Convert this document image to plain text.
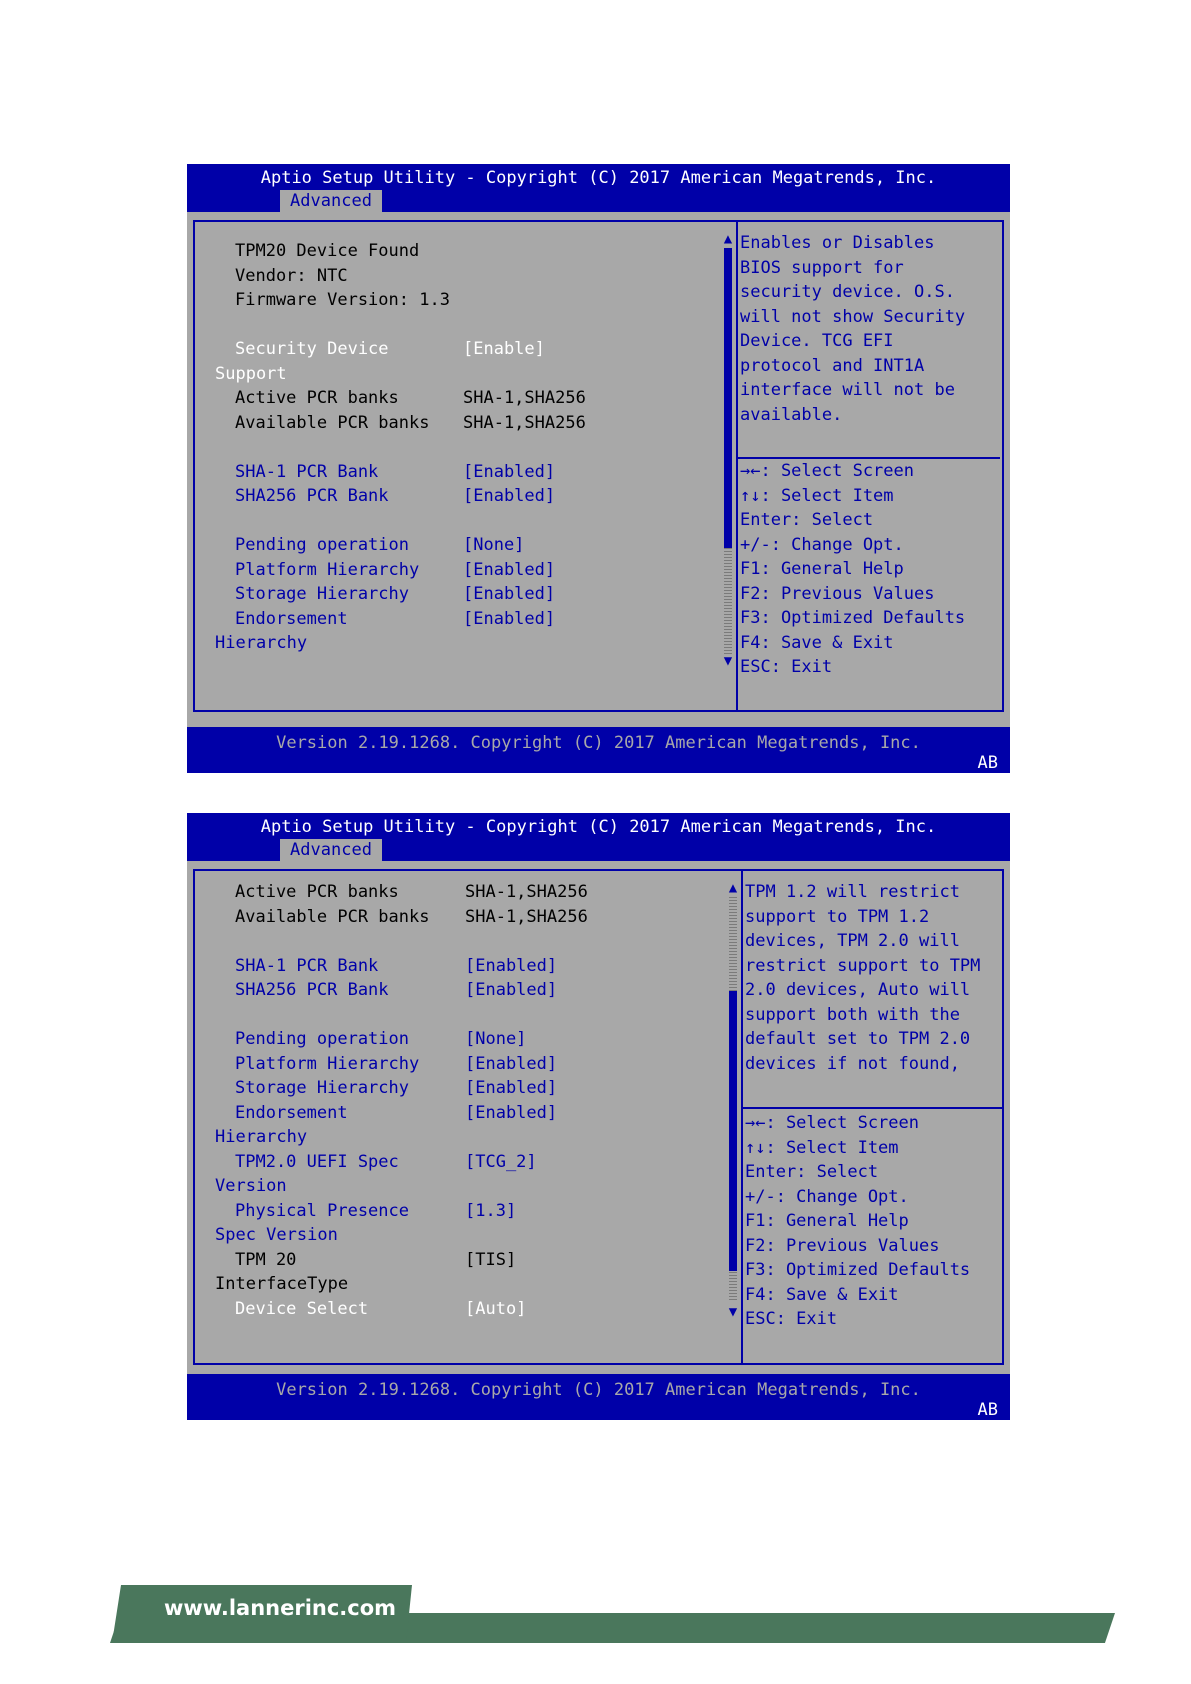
Aptio Setup Utility - Copyright (C) 2017 American Megatrends, Inc.
Advanced
▲
▼
TPM20 Device Found
Vendor: NTC
Firmware Version: 1.3
Security Device	[Enable]
Support
Active PCR banks	SHA-1,SHA256
Available PCR banks SHA-1,SHA256
SHA-1 PCR Bank	[Enabled]
SHA256 PCR Bank	[Enabled]
Pending operation	[None]
Platform Hierarchy	[Enabled]
Storage Hierarchy	[Enabled]
Endorsement	[Enabled]
Hierarchy
Enables or Disables
BIOS support for
security device. O.S.
will not show Security
Device. TCG EFI
protocol and INT1A
interface will not be
available.
→←: Select Screen
↑↓: Select Item
Enter: Select
+/-: Change Opt.
F1: General Help
F2: Previous Values
F3: Optimized Defaults
F4: Save & Exit
ESC: Exit
Version 2.19.1268. Copyright (C) 2017 American Megatrends, Inc.
AB
Aptio Setup Utility - Copyright (C) 2017 American Megatrends, Inc.
Advanced
▲
▼
Active PCR banks	SHA-1,SHA256
Available PCR banks SHA-1,SHA256
SHA-1 PCR Bank	[Enabled]
SHA256 PCR Bank	[Enabled]
Pending operation	[None]
Platform Hierarchy	[Enabled]
Storage Hierarchy	[Enabled]
Endorsement	[Enabled]
Hierarchy
TPM2.0 UEFI Spec	[TCG_2]
Version
Physical Presence	[1.3]
Spec Version
TPM 20	[TIS]
InterfaceType
Device Select	[Auto]
TPM 1.2 will restrict
support to TPM 1.2
devices, TPM 2.0 will
restrict support to TPM
2.0 devices, Auto will
support both with the
default set to TPM 2.0
devices if not found,
→←: Select Screen
↑↓: Select Item
Enter: Select
+/-: Change Opt.
F1: General Help
F2: Previous Values
F3: Optimized Defaults
F4: Save & Exit
ESC: Exit
Version 2.19.1268. Copyright (C) 2017 American Megatrends, Inc.
AB
www.lannerinc.com
